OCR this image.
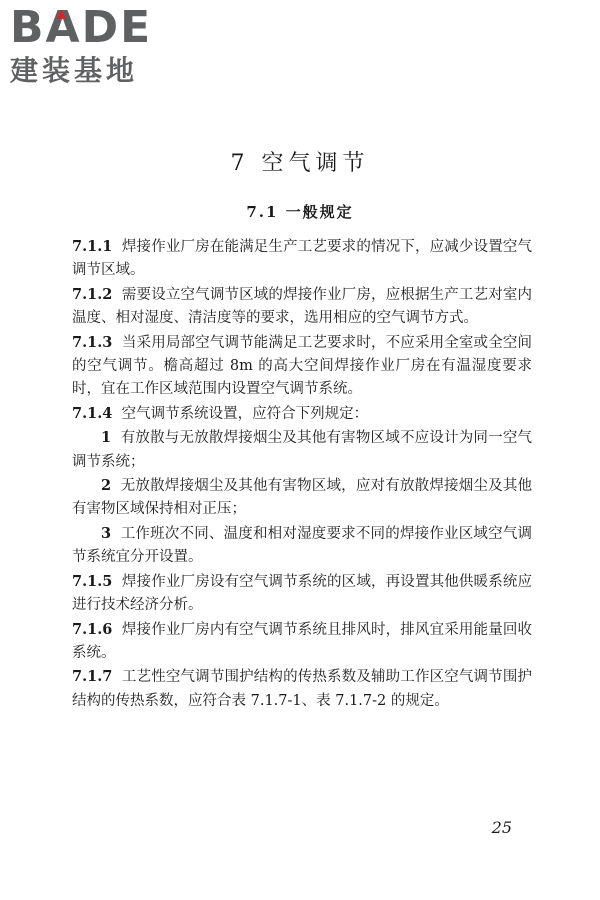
BADE
建装基地
7 空气调节
7.1 一般规定

7.1.1 焊接作业厂房在能满足生产工艺要求的情况下，应减少设置空气调节区域。

7.1.2 需要设立空气调节区域的焊接作业厂房，应根据生产工艺对室内温度、相对湿度、清洁度等的要求，选用相应的空气调节方式。

7.1.3 当采用局部空气调节能满足工艺要求时，不应采用全室或全空间的空气调节。檐高超过 8m 的高大空间焊接作业厂房在有温湿度要求时，宜在工作区域范围内设置空气调节系统。

7.1.4 空气调节系统设置，应符合下列规定：

1 有放散与无放散焊接烟尘及其他有害物区域不应设计为同一空气调节系统；

2 无放散焊接烟尘及其他有害物区域，应对有放散焊接烟尘及其他有害物区域保持相对正压；

3 工作班次不同、温度和相对湿度要求不同的焊接作业区域空气调节系统宜分开设置。

7.1.5 焊接作业厂房设有空气调节系统的区域，再设置其他供暖系统应进行技术经济分析。

7.1.6 焊接作业厂房内有空气调节系统且排风时，排风宜采用能量回收系统。

7.1.7 工艺性空气调节围护结构的传热系数及辅助工作区空气调节围护结构的传热系数，应符合表 7.1.7-1、表 7.1.7-2 的规定。

25
